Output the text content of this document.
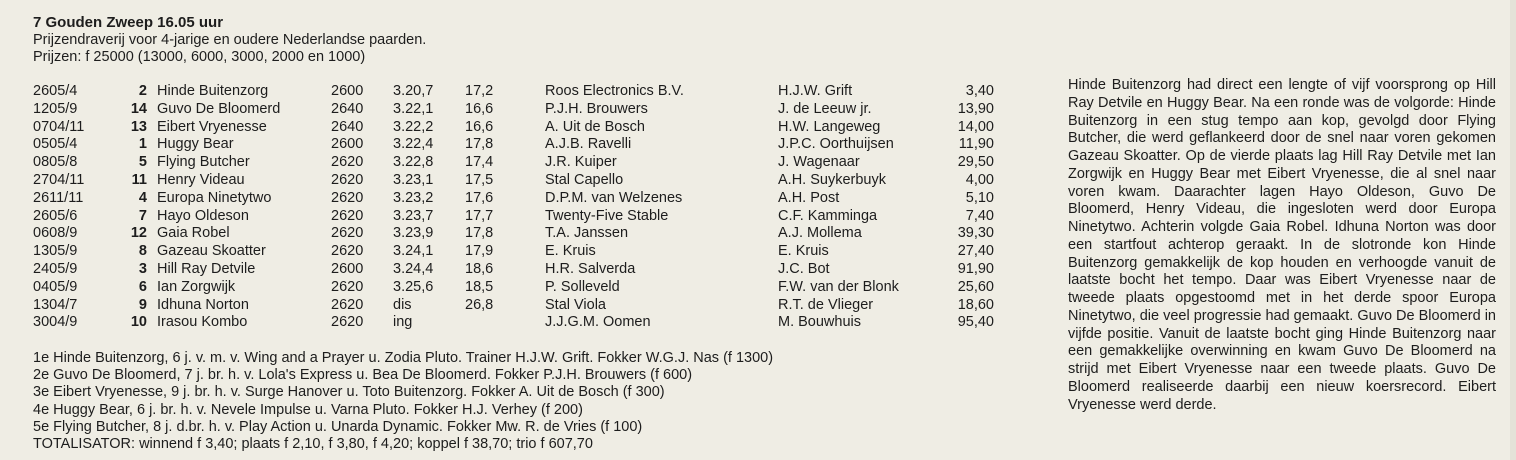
7 Gouden Zweep 16.05 uur
Prijzendraverij voor 4-jarige en oudere Nederlandse paarden.
Prijzen: f 25000 (13000, 6000, 3000, 2000 en 1000)
2605/4	2	Hinde Buitenzorg	2600	3.20,7	17,2	Roos Electronics B.V.	H.J.W. Grift	3,40
1205/9	14	Guvo De Bloomerd	2640	3.22,1	16,6	P.J.H. Brouwers	J. de Leeuw jr.	13,90
0704/11	13	Eibert Vryenesse	2640	3.22,2	16,6	A. Uit de Bosch	H.W. Langeweg	14,00
0505/4	1	Huggy Bear	2600	3.22,4	17,8	A.J.B. Ravelli	J.P.C. Oorthuijsen	11,90
0805/8	5	Flying Butcher	2620	3.22,8	17,4	J.R. Kuiper	J. Wagenaar	29,50
2704/11	11	Henry Videau	2620	3.23,1	17,5	Stal Capello	A.H. Suykerbuyk	4,00
2611/11	4	Europa Ninetytwo	2620	3.23,2	17,6	D.P.M. van Welzenes	A.H. Post	5,10
2605/6	7	Hayo Oldeson	2620	3.23,7	17,7	Twenty-Five Stable	C.F. Kamminga	7,40
0608/9	12	Gaia Robel	2620	3.23,9	17,8	T.A. Janssen	A.J. Mollema	39,30
1305/9	8	Gazeau Skoatter	2620	3.24,1	17,9	E. Kruis	E. Kruis	27,40
2405/9	3	Hill Ray Detvile	2600	3.24,4	18,6	H.R. Salverda	J.C. Bot	91,90
0405/9	6	Ian Zorgwijk	2620	3.25,6	18,5	P. Solleveld	F.W. van der Blonk	25,60
1304/7	9	Idhuna Norton	2620	dis	26,8	Stal Viola	R.T. de Vlieger	18,60
3004/9	10	Irasou Kombo	2620	ing		J.J.G.M. Oomen	M. Bouwhuis	95,40
1e Hinde Buitenzorg, 6 j. v. m. v. Wing and a Prayer u. Zodia Pluto. Trainer H.J.W. Grift. Fokker W.G.J. Nas (f 1300)
2e Guvo De Bloomerd, 7 j. br. h. v. Lola's Express u. Bea De Bloomerd. Fokker P.J.H. Brouwers (f 600)
3e Eibert Vryenesse, 9 j. br. h. v. Surge Hanover u. Toto Buitenzorg. Fokker A. Uit de Bosch (f 300)
4e Huggy Bear, 6 j. br. h. v. Nevele Impulse u. Varna Pluto. Fokker H.J. Verhey (f 200)
5e Flying Butcher, 8 j. d.br. h. v. Play Action u. Unarda Dynamic. Fokker Mw. R. de Vries (f 100)
TOTALISATOR: winnend f 3,40; plaats f 2,10, f 3,80, f 4,20; koppel f 38,70; trio f 607,70
Hinde Buitenzorg had direct een lengte of vijf voorsprong op Hill Ray Detvile en Huggy Bear. Na een ronde was de volgorde: Hinde Buitenzorg in een stug tempo aan kop, gevolgd door Flying Butcher, die werd geflankeerd door de snel naar voren gekomen Gazeau Skoatter. Op de vierde plaats lag Hill Ray Detvile met Ian Zorgwijk en Huggy Bear met Eibert Vryenesse, die al snel naar voren kwam. Daarachter lagen Hayo Oldeson, Guvo De Bloomerd, Henry Videau, die ingesloten werd door Europa Ninetytwo. Achterin volgde Gaia Robel. Idhuna Norton was door een startfout achterop geraakt. In de slotronde kon Hinde Buitenzorg gemakkelijk de kop houden en verhoogde vanuit de laatste bocht het tempo. Daar was Eibert Vryenesse naar de tweede plaats opgestoomd met in het derde spoor Europa Ninetytwo, die veel progressie had gemaakt. Guvo De Bloomerd in vijfde positie. Vanuit de laatste bocht ging Hinde Buitenzorg naar een gemakkelijke overwinning en kwam Guvo De Bloomerd na strijd met Eibert Vryenesse naar een tweede plaats. Guvo De Bloomerd realiseerde daarbij een nieuw koersrecord. Eibert Vryenesse werd derde.
